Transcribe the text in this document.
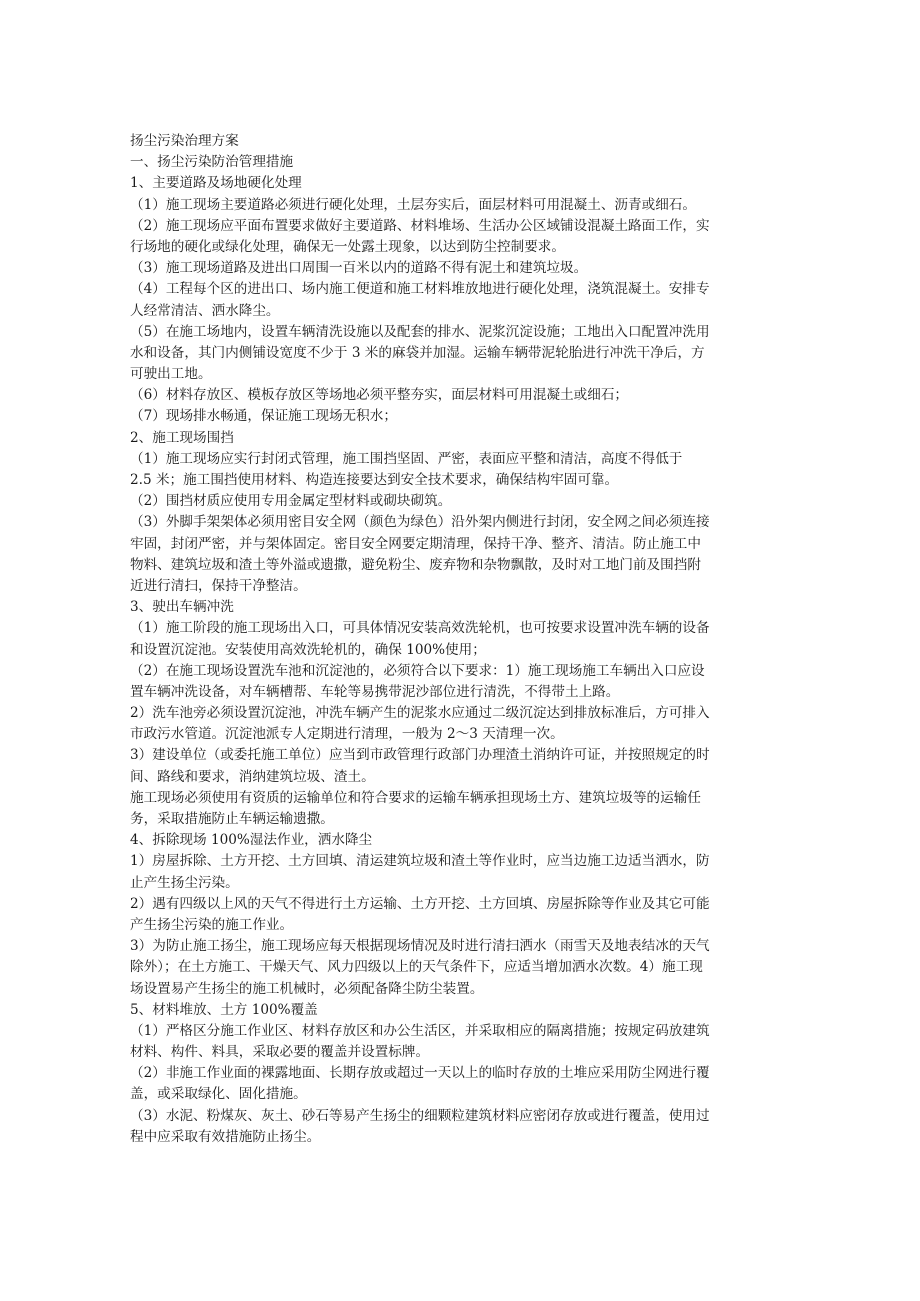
扬尘污染治理方案
一、扬尘污染防治管理措施
1、主要道路及场地硬化处理
（1）施工现场主要道路必须进行硬化处理，土层夯实后，面层材料可用混凝土、沥青或细石。
（2）施工现场应平面布置要求做好主要道路、材料堆场、生活办公区域铺设混凝土路面工作，实
行场地的硬化或绿化处理，确保无一处露土现象，以达到防尘控制要求。
（3）施工现场道路及进出口周围一百米以内的道路不得有泥土和建筑垃圾。
（4）工程每个区的进出口、场内施工便道和施工材料堆放地进行硬化处理，浇筑混凝土。安排专
人经常清洁、洒水降尘。
（5）在施工场地内，设置车辆清洗设施以及配套的排水、泥浆沉淀设施；工地出入口配置冲洗用
水和设备，其门内侧铺设宽度不少于 3 米的麻袋并加湿。运输车辆带泥轮胎进行冲洗干净后，方
可驶出工地。
（6）材料存放区、模板存放区等场地必须平整夯实，面层材料可用混凝土或细石；
（7）现场排水畅通，保证施工现场无积水；
2、施工现场围挡
（1）施工现场应实行封闭式管理，施工围挡坚固、严密，表面应平整和清洁，高度不得低于
2.5 米；施工围挡使用材料、构造连接要达到安全技术要求，确保结构牢固可靠。
（2）围挡材质应使用专用金属定型材料或砌块砌筑。
（3）外脚手架架体必须用密目安全网（颜色为绿色）沿外架内侧进行封闭，安全网之间必须连接
牢固，封闭严密，并与架体固定。密目安全网要定期清理，保持干净、整齐、清洁。防止施工中
物料、建筑垃圾和渣土等外溢或遗撒，避免粉尘、废弃物和杂物飘散，及时对工地门前及围挡附
近进行清扫，保持干净整洁。
3、驶出车辆冲洗
（1）施工阶段的施工现场出入口，可具体情况安装高效洗轮机，也可按要求设置冲洗车辆的设备
和设置沉淀池。安装使用高效洗轮机的，确保 100%使用；
（2）在施工现场设置洗车池和沉淀池的，必须符合以下要求：1）施工现场施工车辆出入口应设
置车辆冲洗设备，对车辆槽帮、车轮等易携带泥沙部位进行清洗，不得带土上路。
2）洗车池旁必须设置沉淀池，冲洗车辆产生的泥浆水应通过二级沉淀达到排放标准后，方可排入
市政污水管道。沉淀池派专人定期进行清理，一般为 2～3 天清理一次。
3）建设单位（或委托施工单位）应当到市政管理行政部门办理渣土消纳许可证，并按照规定的时
间、路线和要求，消纳建筑垃圾、渣土。
施工现场必须使用有资质的运输单位和符合要求的运输车辆承担现场土方、建筑垃圾等的运输任
务，采取措施防止车辆运输遗撒。
4、拆除现场 100%湿法作业，洒水降尘
1）房屋拆除、土方开挖、土方回填、清运建筑垃圾和渣土等作业时，应当边施工边适当洒水，防
止产生扬尘污染。
2）遇有四级以上风的天气不得进行土方运输、土方开挖、土方回填、房屋拆除等作业及其它可能
产生扬尘污染的施工作业。
3）为防止施工扬尘，施工现场应每天根据现场情况及时进行清扫洒水（雨雪天及地表结冰的天气
除外）；在土方施工、干燥天气、风力四级以上的天气条件下，应适当增加洒水次数。4）施工现
场设置易产生扬尘的施工机械时，必须配备降尘防尘装置。
5、材料堆放、土方 100%覆盖
（1）严格区分施工作业区、材料存放区和办公生活区，并采取相应的隔离措施；按规定码放建筑
材料、构件、料具，采取必要的覆盖并设置标牌。
（2）非施工作业面的裸露地面、长期存放或超过一天以上的临时存放的土堆应采用防尘网进行覆
盖，或采取绿化、固化措施。
（3）水泥、粉煤灰、灰土、砂石等易产生扬尘的细颗粒建筑材料应密闭存放或进行覆盖，使用过
程中应采取有效措施防止扬尘。
